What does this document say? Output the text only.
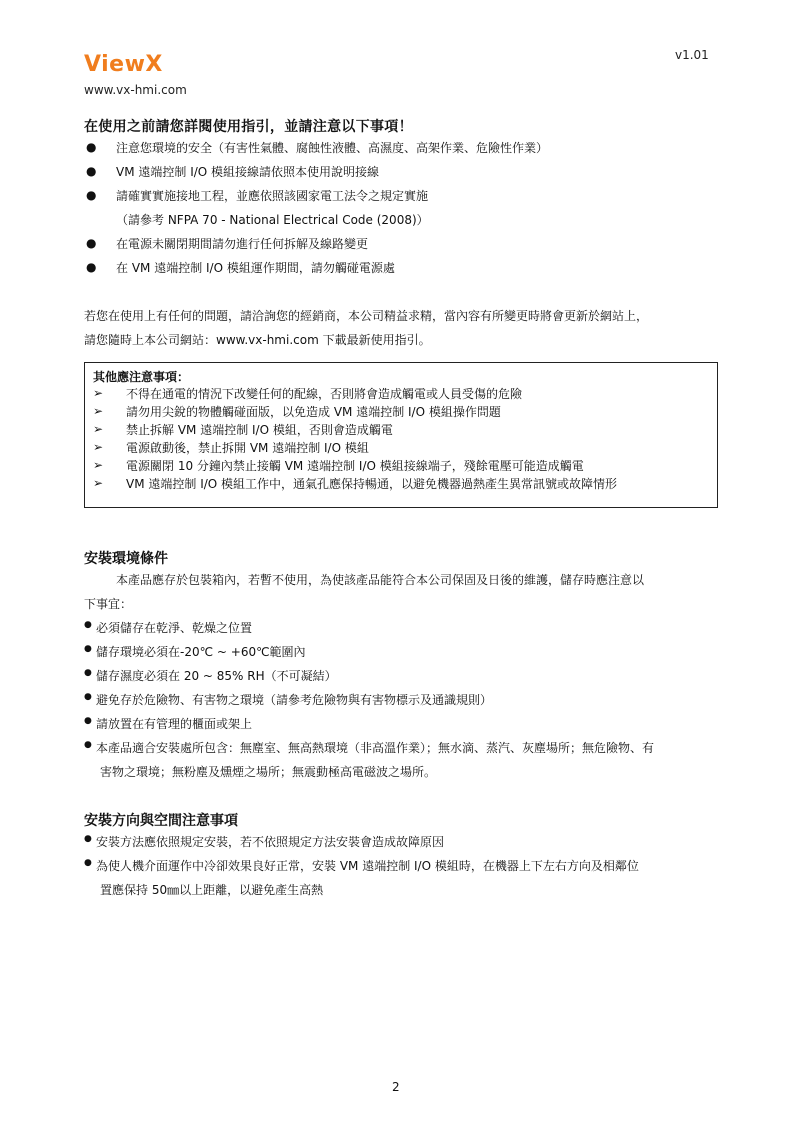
ViewX
www.vx-hmi.com
v1.01
在使用之前請您詳閱使用指引，並請注意以下事項！
● 注意您環境的安全（有害性氣體、腐蝕性液體、高濕度、高架作業、危險性作業）
● VM 遠端控制 I/O 模組接線請依照本使用說明接線
● 請確實實施接地工程，並應依照該國家電工法令之規定實施
（請參考 NFPA 70 - National Electrical Code (2008)）
● 在電源未關閉期間請勿進行任何拆解及線路變更
● 在 VM 遠端控制 I/O 模組運作期間，請勿觸碰電源處
若您在使用上有任何的問題，請洽詢您的經銷商，本公司精益求精，當內容有所變更時將會更新於網站上，
請您隨時上本公司網站：www.vx-hmi.com 下載最新使用指引。
其他應注意事項：
➢ 不得在通電的情況下改變任何的配線，否則將會造成觸電或人員受傷的危險
➢ 請勿用尖銳的物體觸碰面版，以免造成 VM 遠端控制 I/O 模組操作問題
➢ 禁止拆解 VM 遠端控制 I/O 模組，否則會造成觸電
➢ 電源啟動後，禁止拆開 VM 遠端控制 I/O 模組
➢ 電源關閉 10 分鐘內禁止接觸 VM 遠端控制 I/O 模組接線端子，殘餘電壓可能造成觸電
➢ VM 遠端控制 I/O 模組工作中，通氣孔應保持暢通，以避免機器過熱產生異常訊號或故障情形
安裝環境條件
本產品應存於包裝箱內，若暫不使用，為使該產品能符合本公司保固及日後的維護，儲存時應注意以
下事宜：
● 必須儲存在乾淨、乾燥之位置
● 儲存環境必須在-20℃ ~ +60℃範圍內
● 儲存濕度必須在 20 ~ 85% RH（不可凝結）
● 避免存於危險物、有害物之環境（請參考危險物與有害物標示及通識規則）
● 請放置在有管理的櫃面或架上
● 本產品適合安裝處所包含：無塵室、無高熱環境（非高溫作業）；無水滴、蒸汽、灰塵場所；無危險物、有
害物之環境；無粉塵及燻煙之場所；無震動極高電磁波之場所。
安裝方向與空間注意事項
● 安裝方法應依照規定安裝，若不依照規定方法安裝會造成故障原因
● 為使人機介面運作中冷卻效果良好正常，安裝 VM 遠端控制 I/O 模組時，在機器上下左右方向及相鄰位
置應保持 50㎜以上距離，以避免產生高熱
2
